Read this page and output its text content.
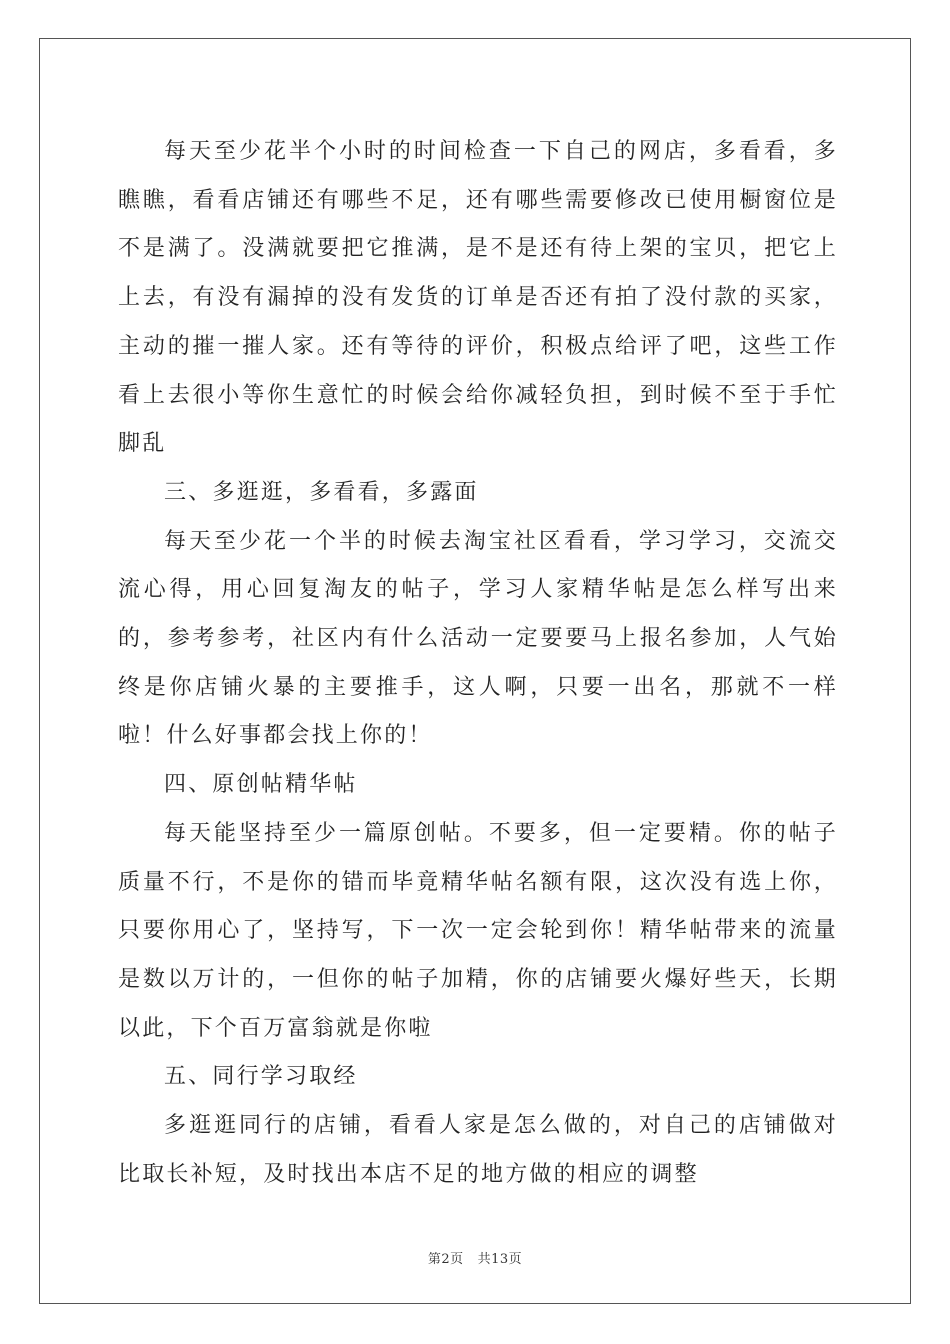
每天至少花半个小时的时间检查一下自己的网店，多看看，多瞧瞧，看看店铺还有哪些不足，还有哪些需要修改已使用橱窗位是不是满了。没满就要把它推满，是不是还有待上架的宝贝，把它上上去，有没有漏掉的没有发货的订单是否还有拍了没付款的买家，主动的摧一摧人家。还有等待的评价，积极点给评了吧，这些工作看上去很小等你生意忙的时候会给你减轻负担，到时候不至于手忙脚乱

三、多逛逛，多看看，多露面

每天至少花一个半的时候去淘宝社区看看，学习学习，交流交流心得，用心回复淘友的帖子，学习人家精华帖是怎么样写出来的，参考参考，社区内有什么活动一定要要马上报名参加，人气始终是你店铺火暴的主要推手，这人啊，只要一出名，那就不一样啦！什么好事都会找上你的！

四、原创帖精华帖

每天能坚持至少一篇原创帖。不要多，但一定要精。你的帖子质量不行，不是你的错而毕竟精华帖名额有限，这次没有选上你，只要你用心了，坚持写，下一次一定会轮到你！精华帖带来的流量是数以万计的，一但你的帖子加精，你的店铺要火爆好些天，长期以此，下个百万富翁就是你啦

五、同行学习取经

多逛逛同行的店铺，看看人家是怎么做的，对自己的店铺做对比取长补短，及时找出本店不足的地方做的相应的调整

第2页 共13页
